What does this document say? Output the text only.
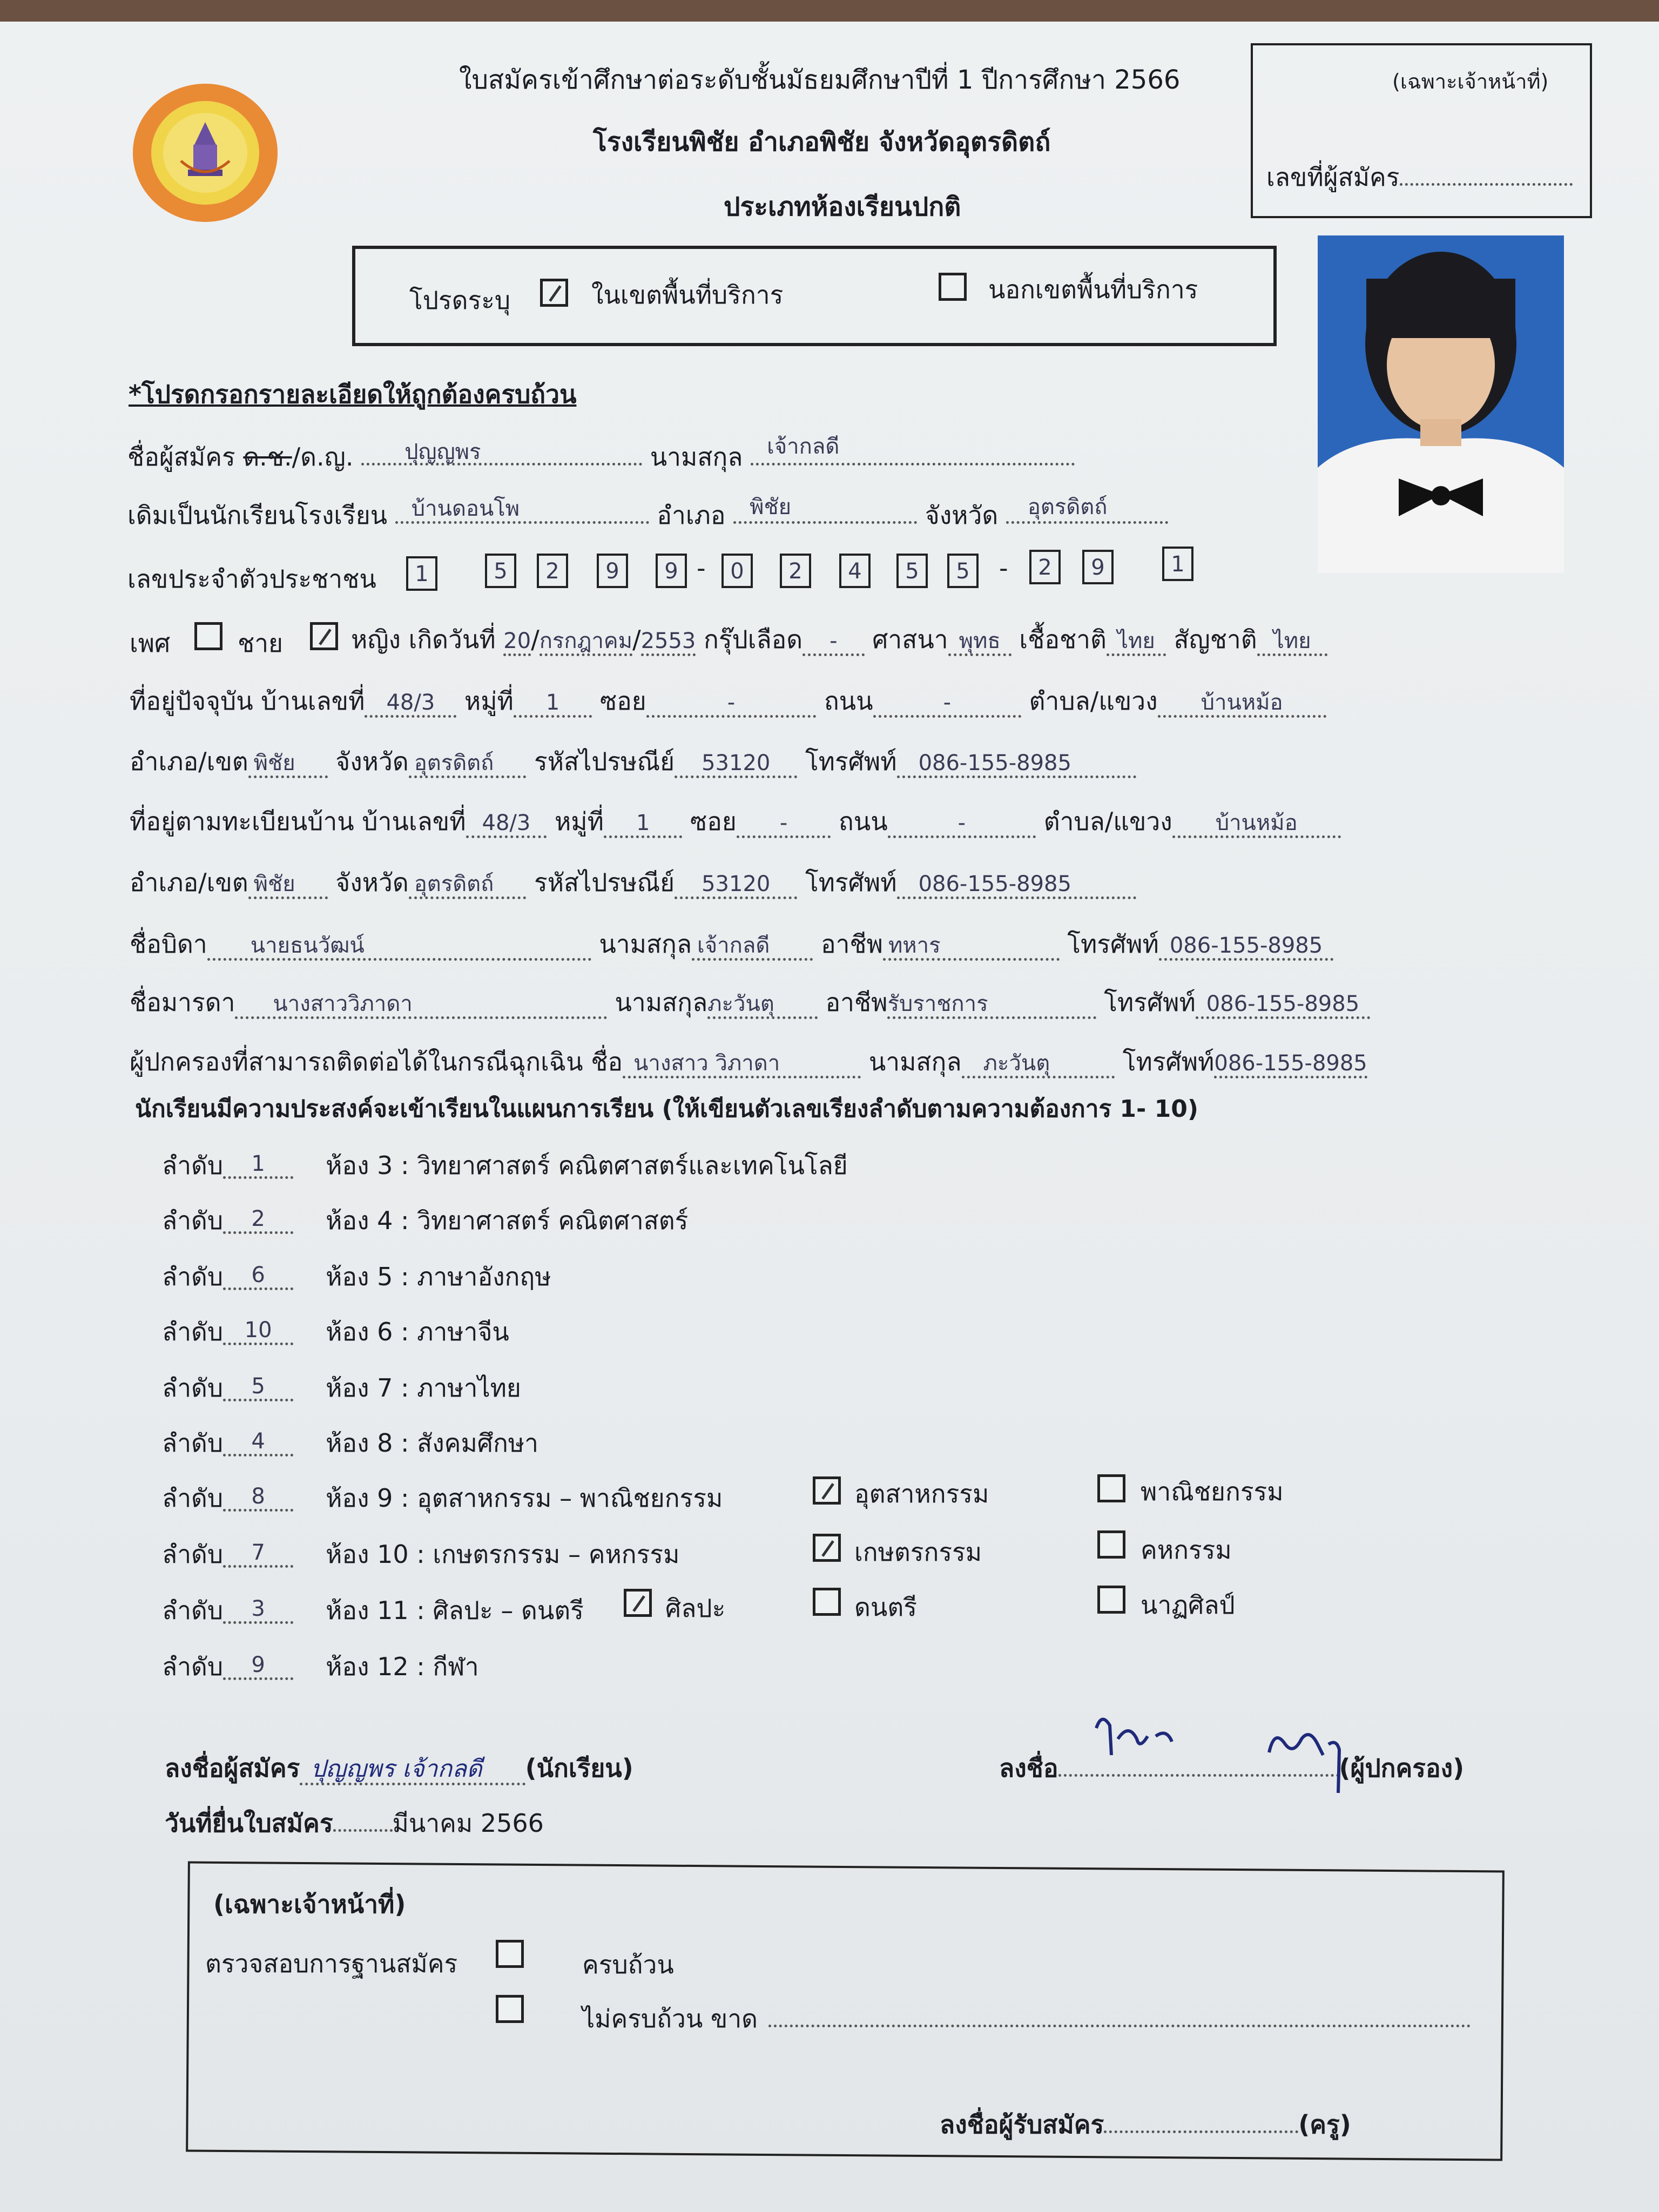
ใบสมัครเข้าศึกษาต่อระดับชั้นมัธยมศึกษาปีที่ 1 ปีการศึกษา 2566
โรงเรียนพิชัย อำเภอพิชัย จังหวัดอุตรดิตถ์
ประเภทห้องเรียนปกติ
(เฉพาะเจ้าหน้าที่)
เลขที่ผู้สมัคร
โปรดระบุ	ในเขตพื้นที่บริการ	นอกเขตพื้นที่บริการ
*โปรดกรอกรายละเอียดให้ถูกต้องครบถ้วน
ชื่อผู้สมัคร ด.ช./ด.ญ. ปุญญพร	นามสกุล เจ้ากลดี
เดิมเป็นนักเรียนโรงเรียน บ้านดอนโพ	อำเภอ พิชัย	จังหวัด อุตรดิตถ์
เลขประจำตัวประชาชน	1	5	2	9	9 -	0	2	4	5	5	-	2	9	1
เพศ	ชาย	หญิง เกิดวันที่ 20/กรกฎาคม/2553 กรุ๊ปเลือด - ศาสนา พุทธ เชื้อชาติ ไทย สัญชาติ ไทย
ที่อยู่ปัจจุบัน บ้านเลขที่ 48/3 หมู่ที่ 1 ซอย	-	ถนน	-	ตำบล/แขวง บ้านหม้อ
อำเภอ/เขต พิชัย จังหวัด อุตรดิตถ์ รหัสไปรษณีย์ 53120 โทรศัพท์ 086-155-8985
ที่อยู่ตามทะเบียนบ้าน บ้านเลขที่ 48/3 หมู่ที่ 1 ซอย - ถนน	-	ตำบล/แขวง บ้านหม้อ
อำเภอ/เขต พิชัย จังหวัด อุตรดิตถ์ รหัสไปรษณีย์ 53120 โทรศัพท์ 086-155-8985
ชื่อบิดา นายธนวัฒน์	นามสกุล เจ้ากลดี อาชีพ ทหาร	โทรศัพท์ 086-155-8985
ชื่อมารดา นางสาววิภาดา	นามสกุลภะวันตุ อาชีพรับราชการ	โทรศัพท์ 086-155-8985
ผู้ปกครองที่สามารถติดต่อได้ในกรณีฉุกเฉิน ชื่อ นางสาว วิภาดา	นามสกุล ภะวันตุ	โทรศัพท์086-155-8985
นักเรียนมีความประสงค์จะเข้าเรียนในแผนการเรียน (ให้เขียนตัวเลขเรียงลำดับตามความต้องการ 1- 10)
ลำดับ 1 ห้อง 3 : วิทยาศาสตร์ คณิตศาสตร์และเทคโนโลยี
ลำดับ 2 ห้อง 4 : วิทยาศาสตร์ คณิตศาสตร์
ลำดับ 6 ห้อง 5 : ภาษาอังกฤษ
ลำดับ 10 ห้อง 6 : ภาษาจีน
ลำดับ 5 ห้อง 7 : ภาษาไทย
ลำดับ 4 ห้อง 8 : สังคมศึกษา
ลำดับ 8 ห้อง 9 : อุตสาหกรรม – พาณิชยกรรม
ลำดับ 7 ห้อง 10 : เกษตรกรรม – คหกรรม
ลำดับ 3 ห้อง 11 : ศิลปะ – ดนตรี
ลำดับ 9 ห้อง 12 : กีฬา
อุตสาหกรรม	พาณิชยกรรม
เกษตรกรรม	คหกรรม
ศิลปะ	ดนตรี	นาฏศิลป์
ลงชื่อผู้สมัคร ปุญญพร เจ้ากลดี (นักเรียน)	ลงชื่อ	(ผู้ปกครอง)
วันที่ยื่นใบสมัคร มีนาคม 2566
(เฉพาะเจ้าหน้าที่)
ตรวจสอบการฐานสมัคร	ครบถ้วน
ไม่ครบถ้วน ขาด
ลงชื่อผู้รับสมัคร	(ครู)
